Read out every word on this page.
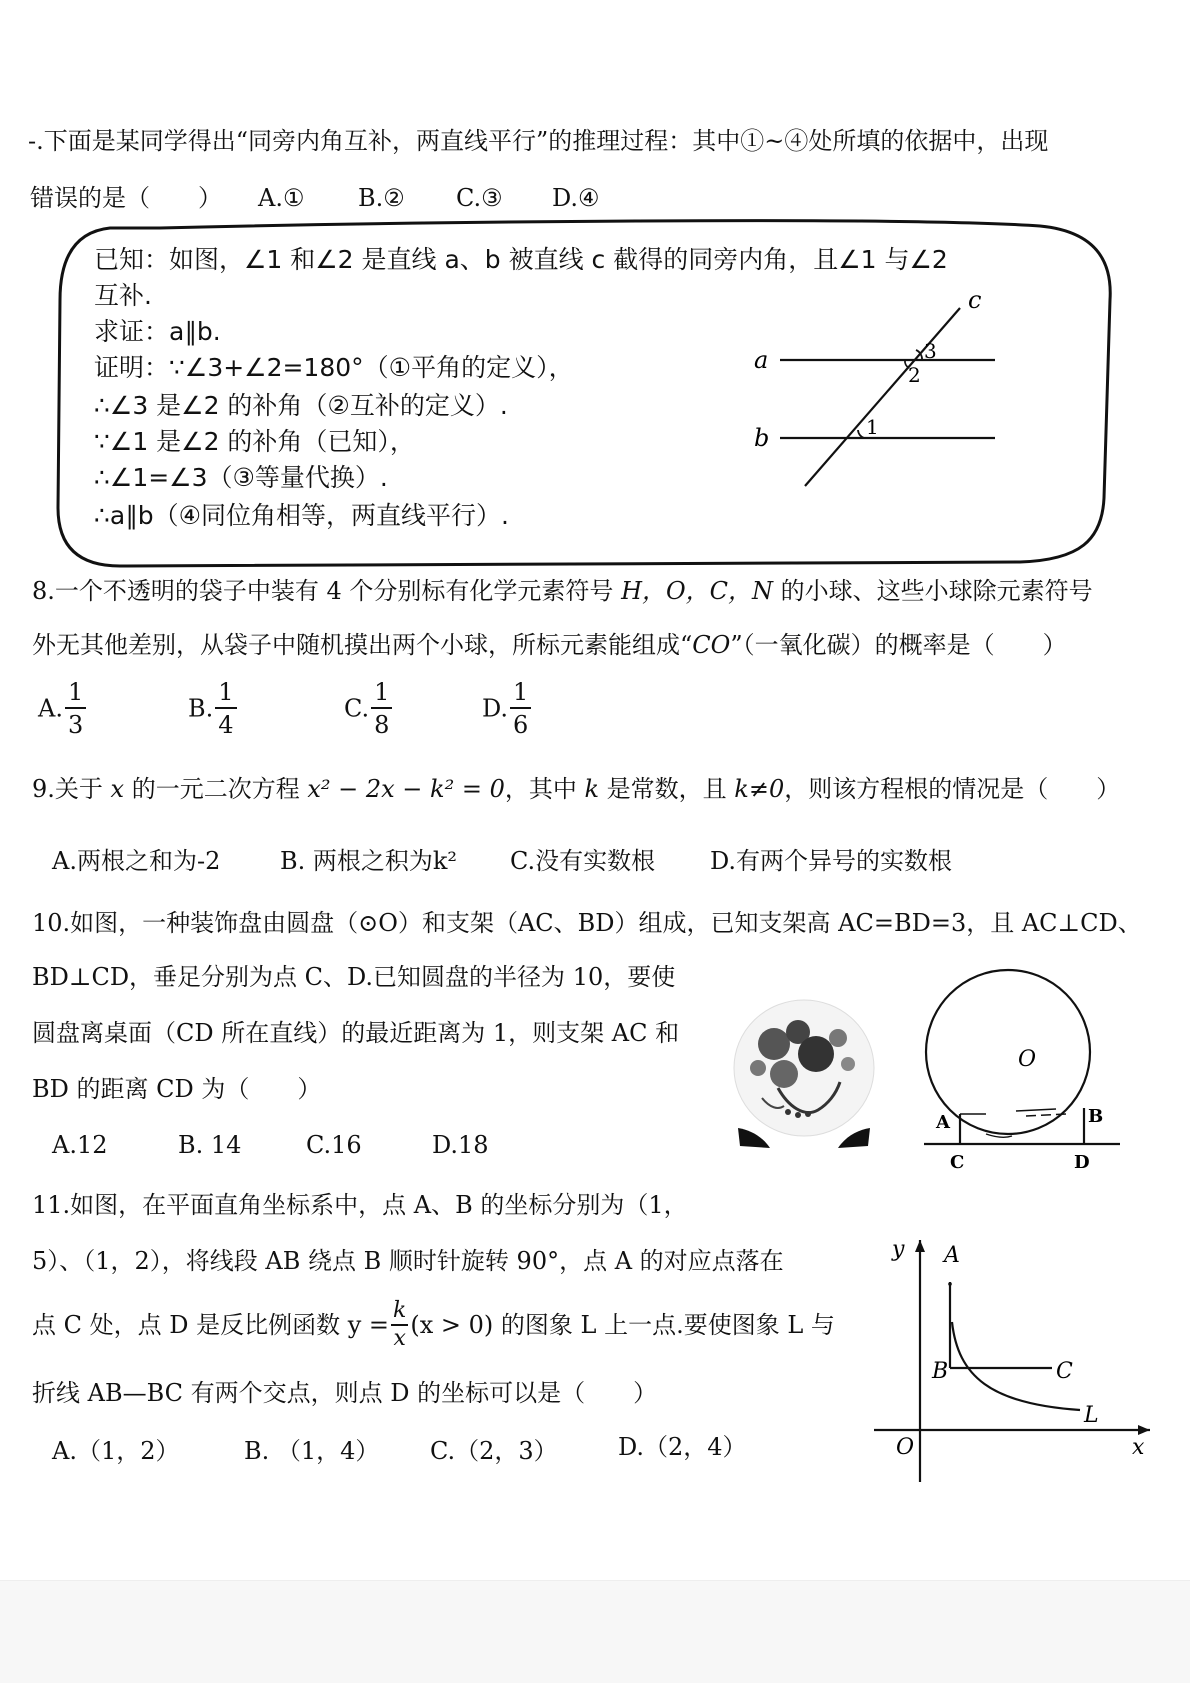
-.下面是某同学得出“同旁内角互补，两直线平行”的推理过程：其中①~④处所填的依据中，出现
错误的是（　　） A.① B.② C.③ D.④
已知：如图，∠1 和∠2 是直线 a、b 被直线 c 截得的同旁内角，且∠1 与∠2
互补.
求证：a∥b.
证明：∵∠3+∠2=180°（①平角的定义），
∴∠3 是∠2 的补角（②互补的定义）.
∵∠1 是∠2 的补角（已知），
∴∠1=∠3（③等量代换）.
∴a∥b（④同位角相等，两直线平行）.
c
a
b
3
2
1
8.一个不透明的袋子中装有 4 个分别标有化学元素符号 H，O，C，N 的小球、这些小球除元素符号
外无其他差别，从袋子中随机摸出两个小球，所标元素能组成“CO”（一氧化碳）的概率是（　　）
A. $\frac{1}{3}$	B. $\frac{1}{4}$	C. $\frac{1}{8}$	D. $\frac{1}{6}$
9.关于 x 的一元二次方程 x² − 2x − k² = 0，其中 k 是常数，且 k≠0，则该方程根的情况是（　　）
A.两根之和为-2 B. 两根之积为k² C.没有实数根 D.有两个异号的实数根
10.如图，一种装饰盘由圆盘（⊙O）和支架（AC、BD）组成，已知支架高 AC=BD=3，且 AC⊥CD、
BD⊥CD，垂足分别为点 C、D.已知圆盘的半径为 10，要使
圆盘离桌面（CD 所在直线）的最近距离为 1，则支架 AC 和
BD 的距离 CD 为（　　）
A.12	B. 14	C.16	D.18
O
A	B
C	D
11.如图，在平面直角坐标系中，点 A、B 的坐标分别为（1，
5）、（1，2），将线段 AB 绕点 B 顺时针旋转 90°，点 A 的对应点落在
点 C 处，点 D 是反比例函数 $y = \frac{k}{x} (x > 0)$ 的图象 L 上一点.要使图象 L 与
折线 AB—BC 有两个交点，则点 D 的坐标可以是（　　）
A.（1，2）	B. （1，4） C.（2，3）	D.（2，4）
y
x
O
A
B	C
L
